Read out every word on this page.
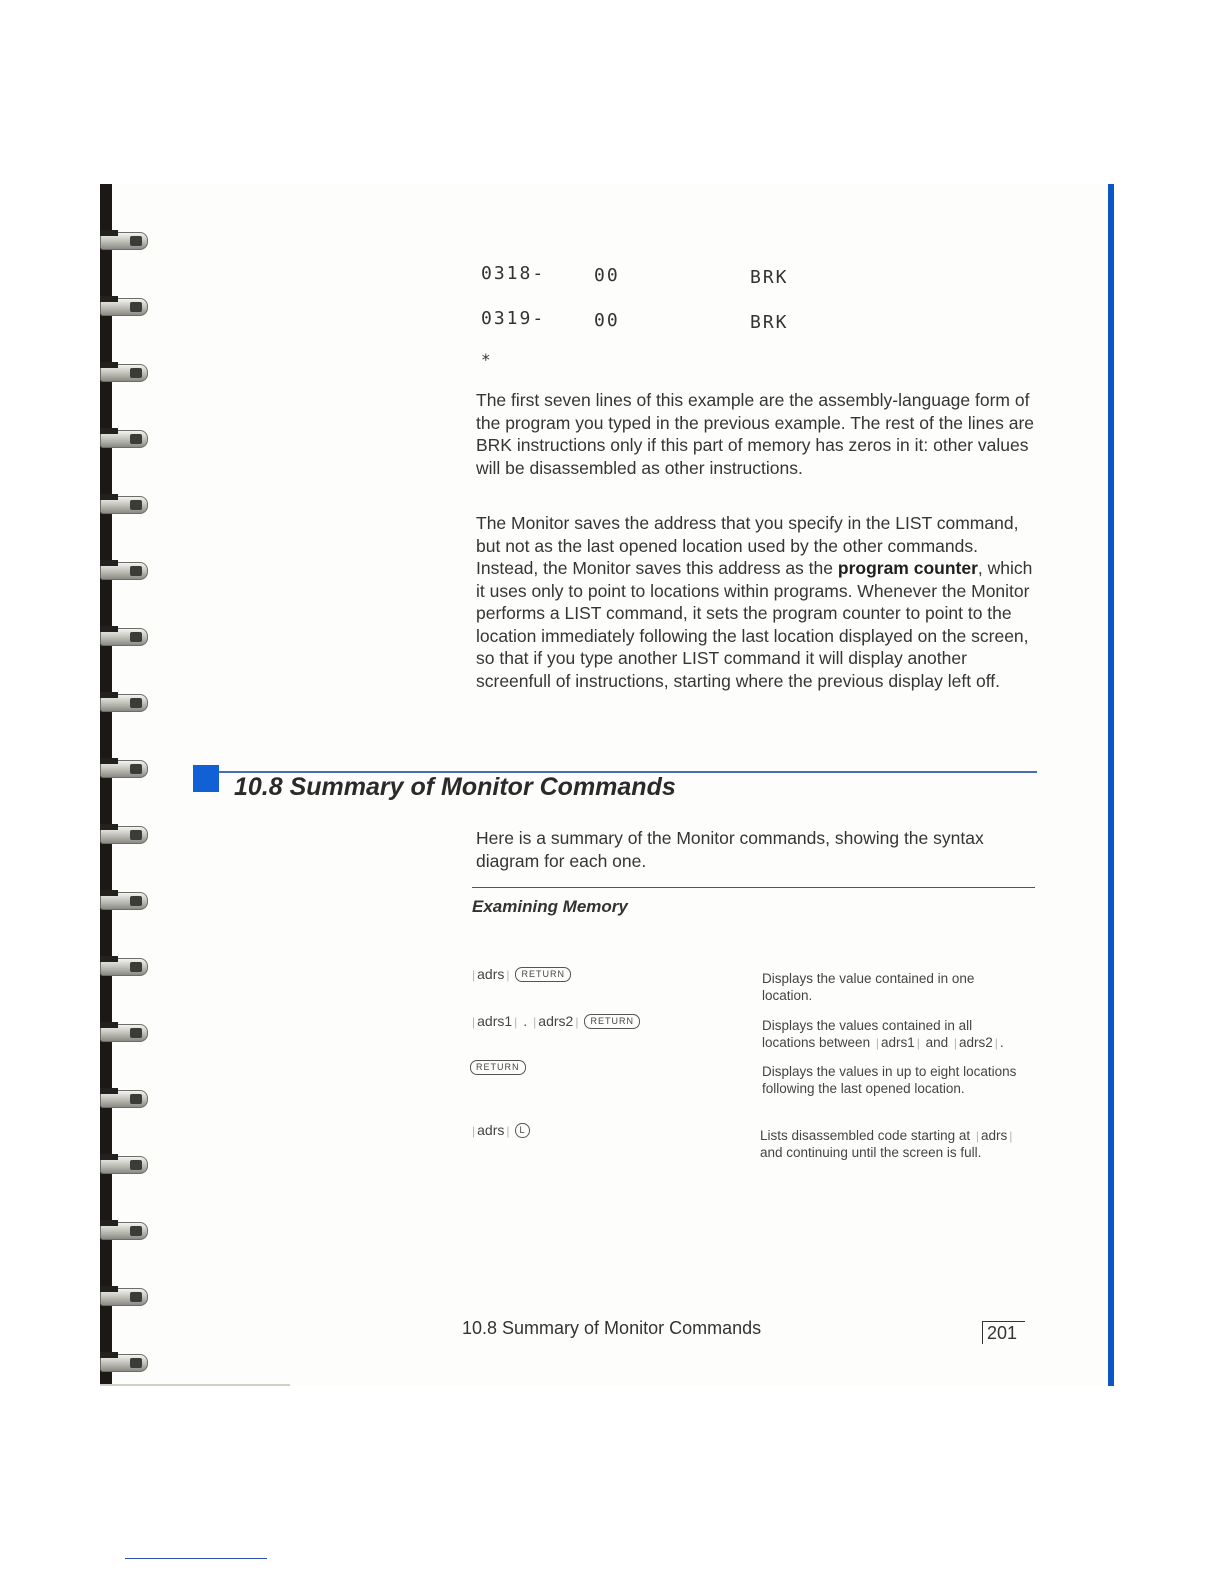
0318-	00	BRK
0319-	00	BRK
*

The first seven lines of this example are the assembly-language form of the program you typed in the previous example. The rest of the lines are BRK instructions only if this part of memory has zeros in it: other values will be disassembled as other instructions.

The Monitor saves the address that you specify in the LIST command, but not as the last opened location used by the other commands. Instead, the Monitor saves this address as the program counter, which it uses only to point to locations within programs. Whenever the Monitor performs a LIST command, it sets the program counter to point to the location immediately following the last location displayed on the screen, so that if you type another LIST command it will display another screenfull of instructions, starting where the previous display left off.

10.8 Summary of Monitor Commands

Here is a summary of the Monitor commands, showing the syntax diagram for each one.

Examining Memory
| adrs |	RETURN	Displays the value contained in one location.

| adrs1 | .
| adrs2 |	RETURN	Displays the values contained in all locations between | adrs1 | and | adrs2 | .

RETURN	Displays the values in up to eight locations following the last opened location.

| adrs |	L	Lists disassembled code starting at | adrs | and continuing until the screen is full.

10.8 Summary of Monitor Commands	201
